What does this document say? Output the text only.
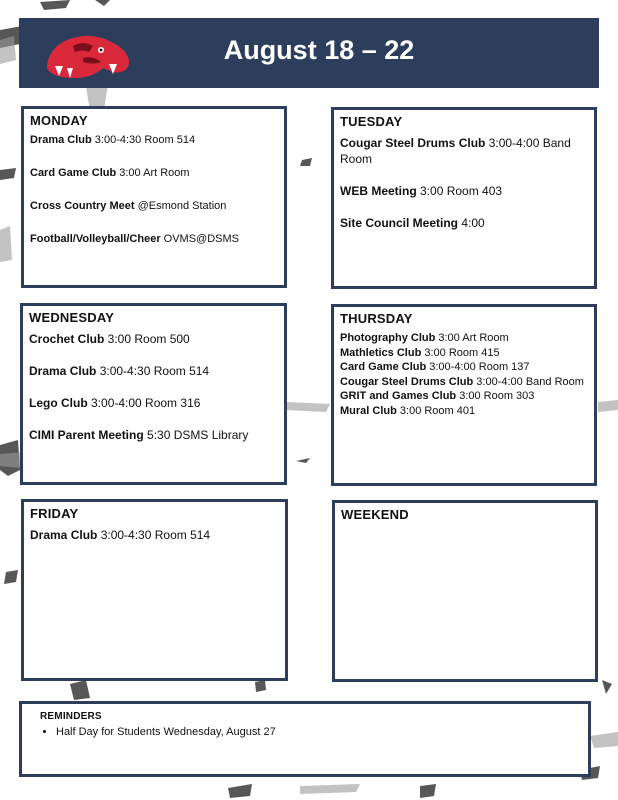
August 18 – 22
MONDAY
Drama Club 3:00-4:30 Room 514
Card Game Club 3:00 Art Room
Cross Country Meet @Esmond Station
Football/Volleyball/Cheer OVMS@DSMS
TUESDAY
Cougar Steel Drums Club 3:00-4:00 Band Room
WEB Meeting 3:00 Room 403
Site Council Meeting 4:00
WEDNESDAY
Crochet Club 3:00 Room 500
Drama Club 3:00-4:30 Room 514
Lego Club 3:00-4:00 Room 316
CIMI Parent Meeting 5:30 DSMS Library
THURSDAY
Photography Club 3:00 Art Room
Mathletics Club 3:00 Room 415
Card Game Club 3:00-4:00 Room 137
Cougar Steel Drums Club 3:00-4:00 Band Room
GRIT and Games Club 3:00 Room 303
Mural Club 3:00 Room 401
FRIDAY
Drama Club 3:00-4:30 Room 514
WEEKEND
REMINDERS
• Half Day for Students Wednesday, August 27
